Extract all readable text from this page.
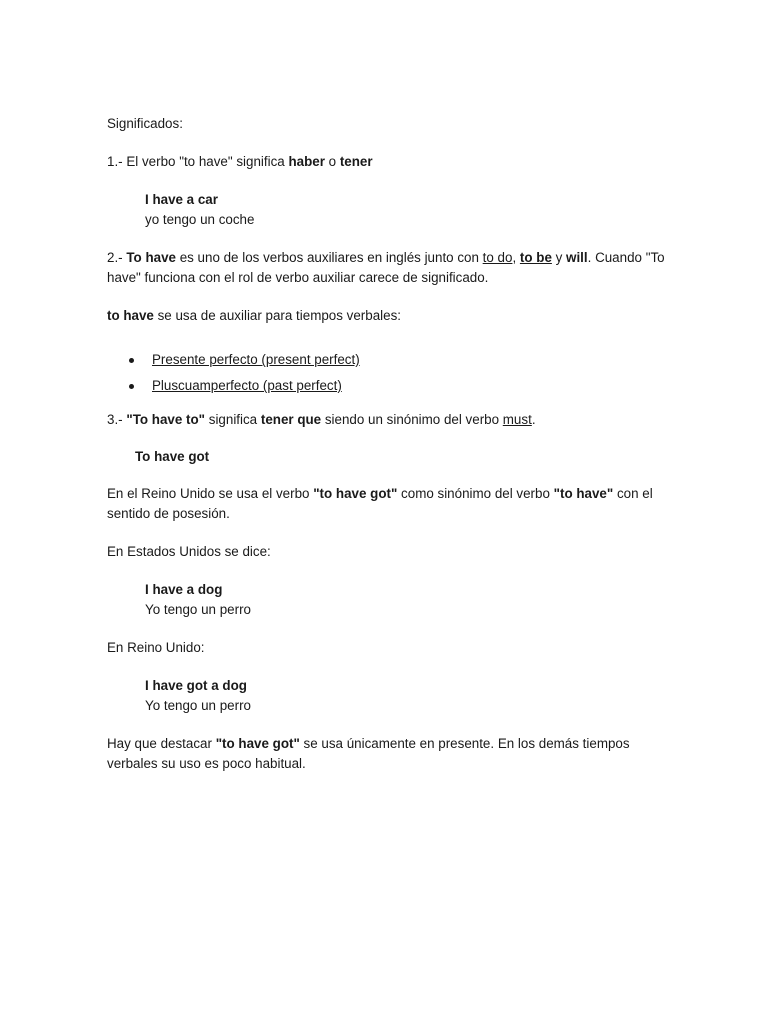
Significados:

1.- El verbo "to have" significa haber o tener

I have a car

yo tengo un coche

2.- To have es uno de los verbos auxiliares en inglés junto con to do, to be y will. Cuando "To have" funciona con el rol de verbo auxiliar carece de significado.

to have se usa de auxiliar para tiempos verbales:

Presente perfecto (present perfect)
Pluscuamperfecto (past perfect)

3.- "To have to" significa tener que siendo un sinónimo del verbo must.

To have got

En el Reino Unido se usa el verbo "to have got" como sinónimo del verbo "to have" con el sentido de posesión.

En Estados Unidos se dice:

I have a dog

Yo tengo un perro

En Reino Unido:

I have got a dog

Yo tengo un perro

Hay que destacar "to have got" se usa únicamente en presente. En los demás tiempos verbales su uso es poco habitual.
